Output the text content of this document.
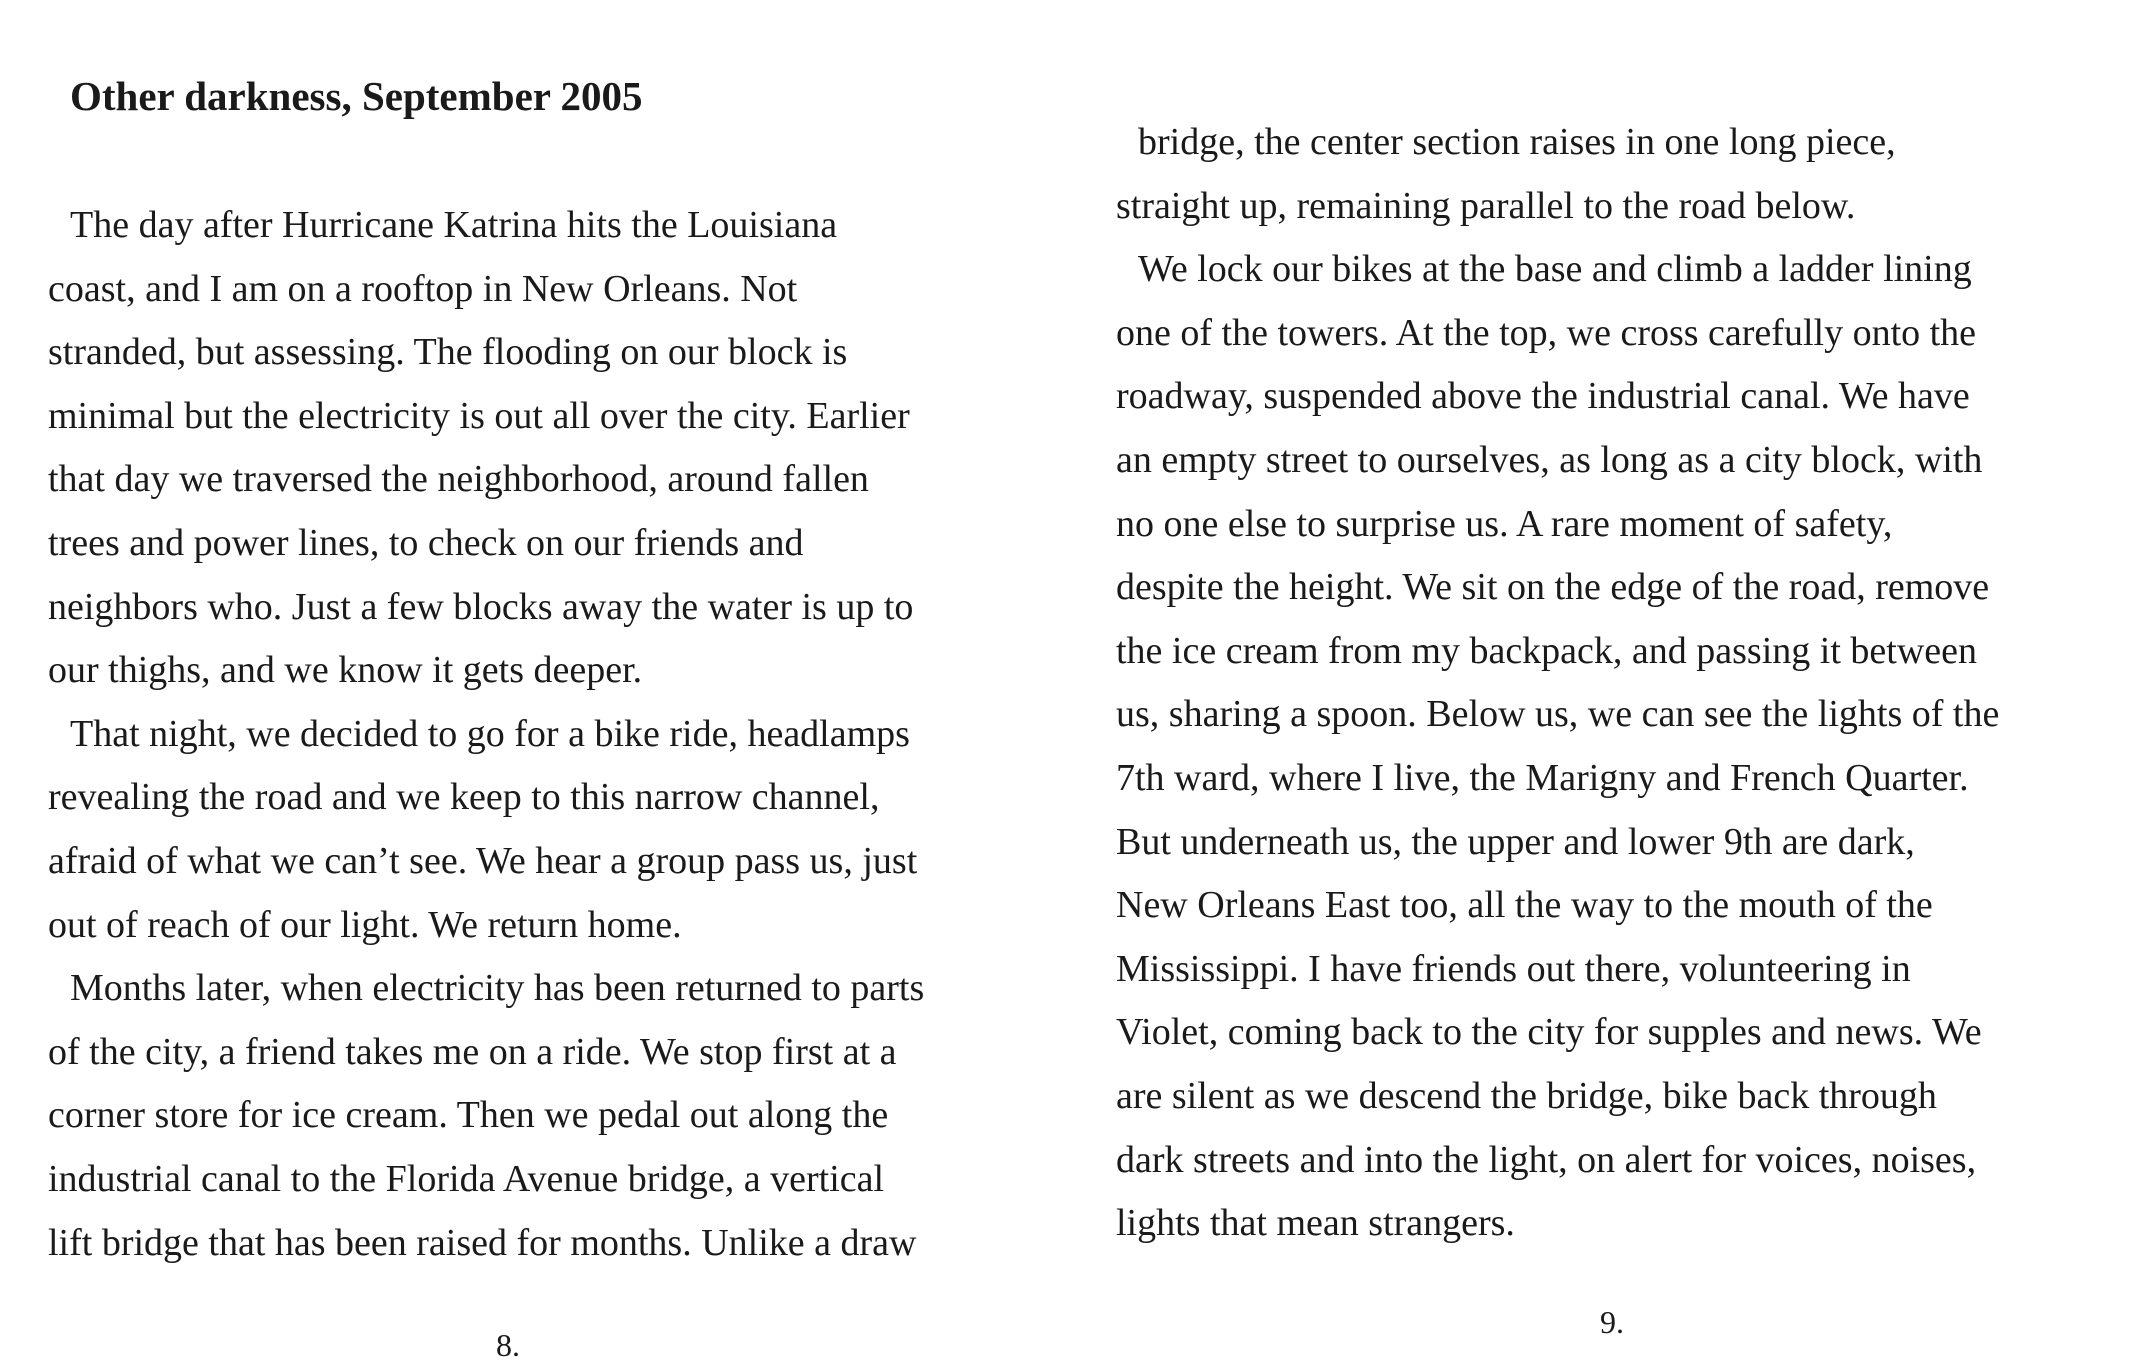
Other darkness, September 2005
The day after Hurricane Katrina hits the Louisiana
coast, and I am on a rooftop in New Orleans. Not
stranded, but assessing. The flooding on our block is
minimal but the electricity is out all over the city. Earlier
that day we traversed the neighborhood, around fallen
trees and power lines, to check on our friends and
neighbors who. Just a few blocks away the water is up to
our thighs, and we know it gets deeper.
That night, we decided to go for a bike ride, headlamps
revealing the road and we keep to this narrow channel,
afraid of what we can’t see. We hear a group pass us, just
out of reach of our light. We return home.
Months later, when electricity has been returned to parts
of the city, a friend takes me on a ride. We stop first at a
corner store for ice cream. Then we pedal out along the
industrial canal to the Florida Avenue bridge, a vertical
lift bridge that has been raised for months. Unlike a draw
8.
bridge, the center section raises in one long piece,
straight up, remaining parallel to the road below.
We lock our bikes at the base and climb a ladder lining
one of the towers. At the top, we cross carefully onto the
roadway, suspended above the industrial canal. We have
an empty street to ourselves, as long as a city block, with
no one else to surprise us. A rare moment of safety,
despite the height. We sit on the edge of the road, remove
the ice cream from my backpack, and passing it between
us, sharing a spoon. Below us, we can see the lights of the
7th ward, where I live, the Marigny and French Quarter.
But underneath us, the upper and lower 9th are dark,
New Orleans East too, all the way to the mouth of the
Mississippi. I have friends out there, volunteering in
Violet, coming back to the city for supples and news. We
are silent as we descend the bridge, bike back through
dark streets and into the light, on alert for voices, noises,
lights that mean strangers.
9.
